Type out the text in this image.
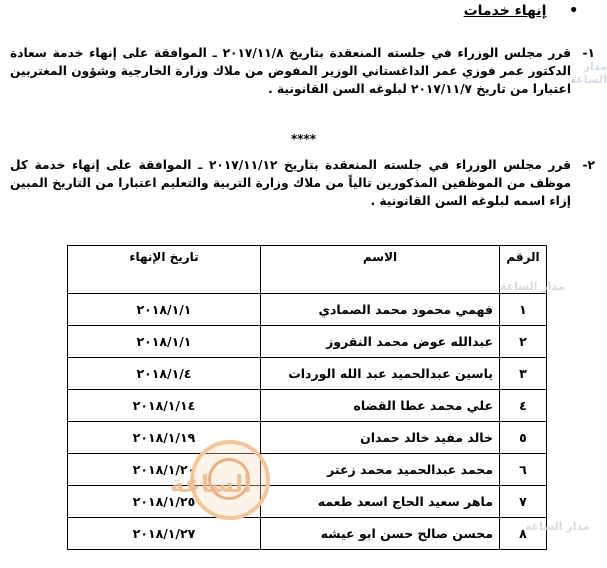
•
إنهاء خدمات
١-
قرر مجلس الوزراء في جلسته المنعقدة بتاريخ ٢٠١٧/١١/٨ ـ الموافقة على إنهاء خدمة سعادة الدكتور عمر فوزي عمر الداغستاني الوزير المفوض من ملاك وزارة الخارجية وشؤون المغتربين اعتبارا من تاريخ ٢٠١٧/١١/٧ لبلوغه السن القانونية .
****
٢-
قرر مجلس الوزراء في جلسته المنعقدة بتاريخ ٢٠١٧/١١/١٢ ـ الموافقة على إنهاء خدمة كل موظف من الموظفين المذكورين تالياً من ملاك وزارة التربية والتعليم اعتبارا من التاريخ المبين إزاء اسمه لبلوغه السن القانونية .
الرقم	الاسم	تاريخ الإنهاء
١	فهمي محمود محمد الصمادي	٢٠١٨/١/١
٢	عبدالله عوض محمد النقروز	٢٠١٨/١/١
٣	ياسين عبدالحميد عبد الله الوردات	٢٠١٨/١/٤
٤	علي محمد عطا القضاه	٢٠١٨/١/١٤
٥	خالد مفيد خالد حمدان	٢٠١٨/١/١٩
٦	محمد عبدالحميد محمد زعتر	٢٠١٨/١/٢٠
٧	ماهر سعيد الحاج اسعد طعمه	٢٠١٨/١/٢٥
٨	محسن صالح حسن ابو عيشه	٢٠١٨/١/٢٧
الساعة
مدار الساعة
مدار الساعة
مدار الساعة
